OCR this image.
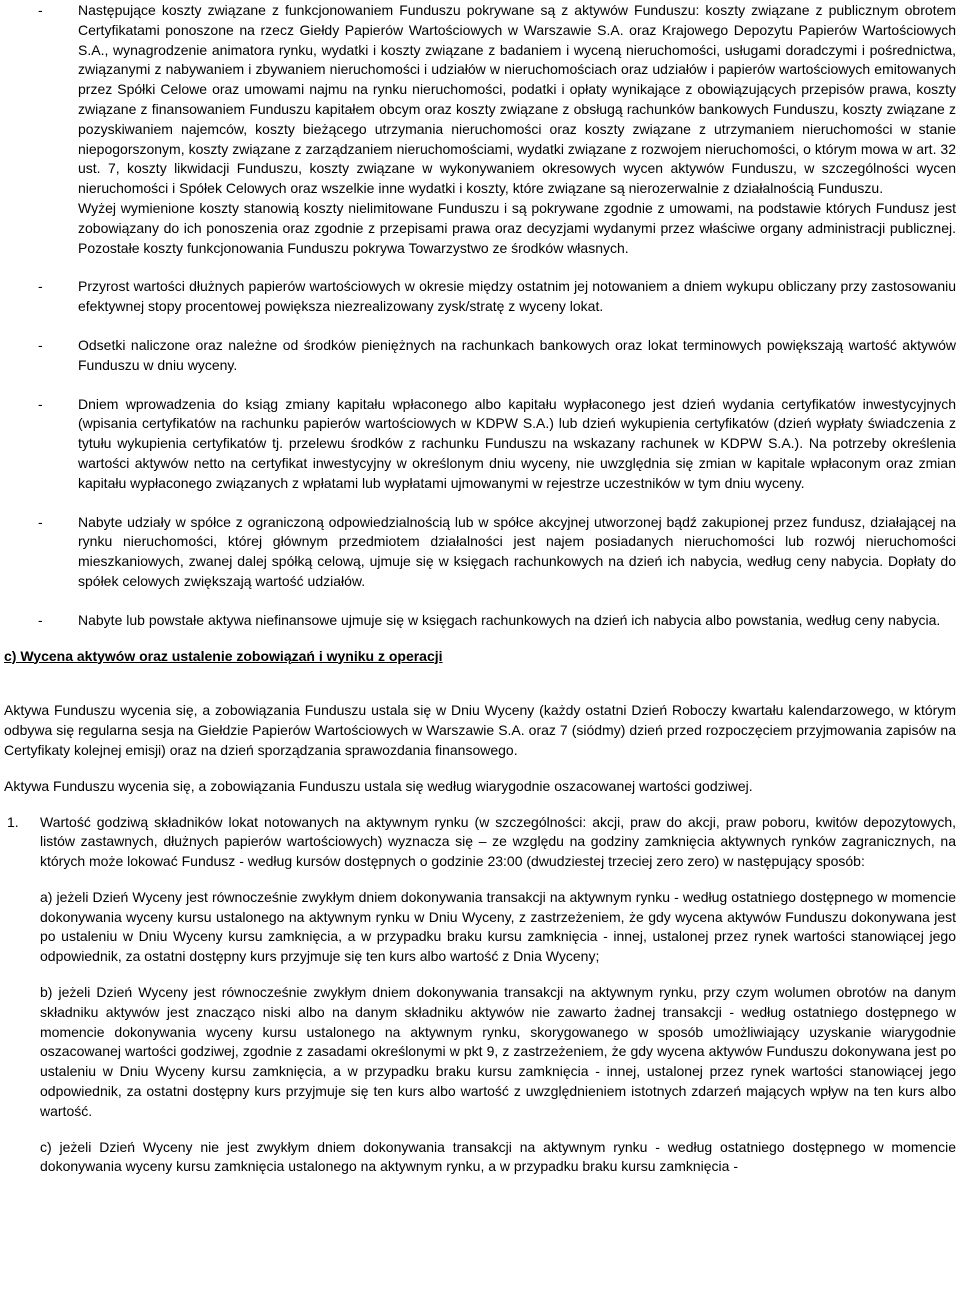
-	Następujące koszty związane z funkcjonowaniem Funduszu pokrywane są z aktywów Funduszu: koszty związane z publicznym obrotem Certyfikatami ponoszone na rzecz Giełdy Papierów Wartościowych w Warszawie S.A. oraz Krajowego Depozytu Papierów Wartościowych S.A., wynagrodzenie animatora rynku, wydatki i koszty związane z badaniem i wyceną nieruchomości, usługami doradczymi i pośrednictwa, związanymi z nabywaniem i zbywaniem nieruchomości i udziałów w nieruchomościach oraz udziałów i papierów wartościowych emitowanych przez Spółki Celowe oraz umowami najmu na rynku nieruchomości, podatki i opłaty wynikające z obowiązujących przepisów prawa, koszty związane z finansowaniem Funduszu kapitałem obcym oraz koszty związane z obsługą rachunków bankowych Funduszu, koszty związane z pozyskiwaniem najemców, koszty bieżącego utrzymania nieruchomości oraz koszty związane z utrzymaniem nieruchomości w stanie niepogorszonym, koszty związane z zarządzaniem nieruchomościami, wydatki związane z rozwojem nieruchomości, o którym mowa w art. 32 ust. 7, koszty likwidacji Funduszu, koszty związane w wykonywaniem okresowych wycen aktywów Funduszu, w szczególności wycen nieruchomości i Spółek Celowych oraz wszelkie inne wydatki i koszty, które związane są nierozerwalnie z działalnością Funduszu.

Wyżej wymienione koszty stanowią koszty nielimitowane Funduszu i są pokrywane zgodnie z umowami, na podstawie których Fundusz jest zobowiązany do ich ponoszenia oraz zgodnie z przepisami prawa oraz decyzjami wydanymi przez właściwe organy administracji publicznej. Pozostałe koszty funkcjonowania Funduszu pokrywa Towarzystwo ze środków własnych.

-	Przyrost wartości dłużnych papierów wartościowych w okresie między ostatnim jej notowaniem a dniem wykupu obliczany przy zastosowaniu efektywnej stopy procentowej powiększa niezrealizowany zysk/stratę z wyceny lokat.

-	Odsetki naliczone oraz należne od środków pieniężnych na rachunkach bankowych oraz lokat terminowych powiększają wartość aktywów Funduszu w dniu wyceny.

-	Dniem wprowadzenia do ksiąg zmiany kapitału wpłaconego albo kapitału wypłaconego jest dzień wydania certyfikatów inwestycyjnych (wpisania certyfikatów na rachunku papierów wartościowych w KDPW S.A.) lub dzień wykupienia certyfikatów (dzień wypłaty świadczenia z tytułu wykupienia certyfikatów tj. przelewu środków z rachunku Funduszu na wskazany rachunek w KDPW S.A.). Na potrzeby określenia wartości aktywów netto na certyfikat inwestycyjny w określonym dniu wyceny, nie uwzględnia się zmian w kapitale wpłaconym oraz zmian kapitału wypłaconego związanych z wpłatami lub wypłatami ujmowanymi w rejestrze uczestników w tym dniu wyceny.

-	Nabyte udziały w spółce z ograniczoną odpowiedzialnością lub w spółce akcyjnej utworzonej bądź zakupionej przez fundusz, działającej na rynku nieruchomości, której głównym przedmiotem działalności jest najem posiadanych nieruchomości lub rozwój nieruchomości mieszkaniowych, zwanej dalej spółką celową, ujmuje się w księgach rachunkowych na dzień ich nabycia, według ceny nabycia. Dopłaty do spółek celowych zwiększają wartość udziałów.

-	Nabyte lub powstałe aktywa niefinansowe ujmuje się w księgach rachunkowych na dzień ich nabycia albo powstania, według ceny nabycia.

c) Wycena aktywów oraz ustalenie zobowiązań i wyniku z operacji

Aktywa Funduszu wycenia się, a zobowiązania Funduszu ustala się w Dniu Wyceny (każdy ostatni Dzień Roboczy kwartału kalendarzowego, w którym odbywa się regularna sesja na Giełdzie Papierów Wartościowych w Warszawie S.A. oraz 7 (siódmy) dzień przed rozpoczęciem przyjmowania zapisów na Certyfikaty kolejnej emisji) oraz na dzień sporządzania sprawozdania finansowego.

Aktywa Funduszu wycenia się, a zobowiązania Funduszu ustala się według wiarygodnie oszacowanej wartości godziwej.

1.	Wartość godziwą składników lokat notowanych na aktywnym rynku (w szczególności: akcji, praw do akcji, praw poboru, kwitów depozytowych, listów zastawnych, dłużnych papierów wartościowych) wyznacza się – ze względu na godziny zamknięcia aktywnych rynków zagranicznych, na których może lokować Fundusz - według kursów dostępnych o godzinie 23:00 (dwudziestej trzeciej zero zero) w następujący sposób:

a) jeżeli Dzień Wyceny jest równocześnie zwykłym dniem dokonywania transakcji na aktywnym rynku - według ostatniego dostępnego w momencie dokonywania wyceny kursu ustalonego na aktywnym rynku w Dniu Wyceny, z zastrzeżeniem, że gdy wycena aktywów Funduszu dokonywana jest po ustaleniu w Dniu Wyceny kursu zamknięcia, a w przypadku braku kursu zamknięcia - innej, ustalonej przez rynek wartości stanowiącej jego odpowiednik, za ostatni dostępny kurs przyjmuje się ten kurs albo wartość z Dnia Wyceny;

b) jeżeli Dzień Wyceny jest równocześnie zwykłym dniem dokonywania transakcji na aktywnym rynku, przy czym wolumen obrotów na danym składniku aktywów jest znacząco niski albo na danym składniku aktywów nie zawarto żadnej transakcji - według ostatniego dostępnego w momencie dokonywania wyceny kursu ustalonego na aktywnym rynku, skorygowanego w sposób umożliwiający uzyskanie wiarygodnie oszacowanej wartości godziwej, zgodnie z zasadami określonymi w pkt 9, z zastrzeżeniem, że gdy wycena aktywów Funduszu dokonywana jest po ustaleniu w Dniu Wyceny kursu zamknięcia, a w przypadku braku kursu zamknięcia - innej, ustalonej przez rynek wartości stanowiącej jego odpowiednik, za ostatni dostępny kurs przyjmuje się ten kurs albo wartość z uwzględnieniem istotnych zdarzeń mających wpływ na ten kurs albo wartość.

c) jeżeli Dzień Wyceny nie jest zwykłym dniem dokonywania transakcji na aktywnym rynku - według ostatniego dostępnego w momencie dokonywania wyceny kursu zamknięcia ustalonego na aktywnym rynku, a w przypadku braku kursu zamknięcia -
